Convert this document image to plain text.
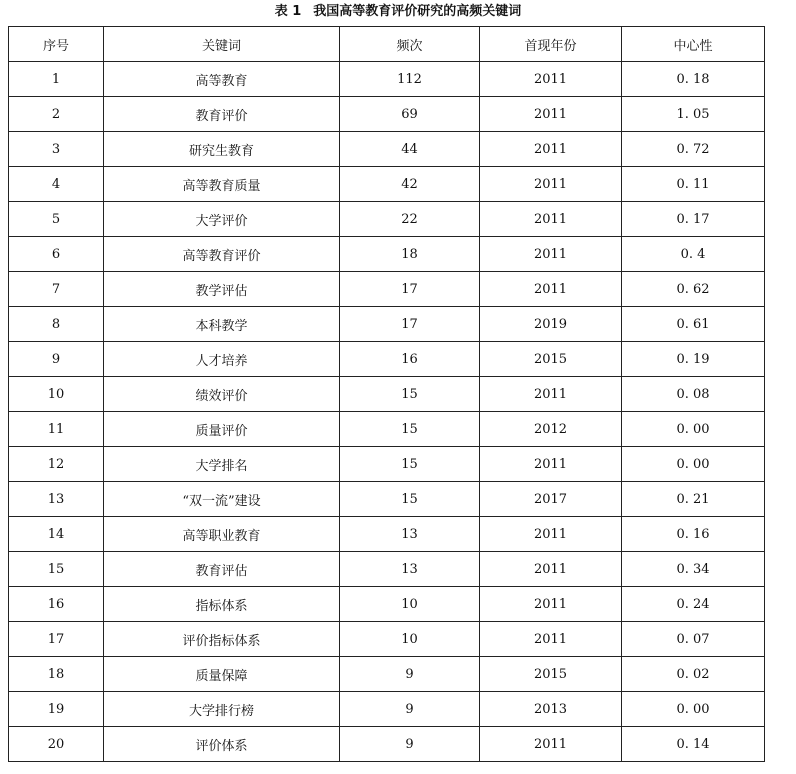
表 1 我国高等教育评价研究的高频关键词
序号	关键词	频次	首现年份	中心性
1	高等教育	112	2011	0. 18
2	教育评价	69	2011	1. 05
3	研究生教育	44	2011	0. 72
4	高等教育质量	42	2011	0. 11
5	大学评价	22	2011	0. 17
6	高等教育评价	18	2011	0. 4
7	教学评估	17	2011	0. 62
8	本科教学	17	2019	0. 61
9	人才培养	16	2015	0. 19
10	绩效评价	15	2011	0. 08
11	质量评价	15	2012	0. 00
12	大学排名	15	2011	0. 00
13	“双一流”建设	15	2017	0. 21
14	高等职业教育	13	2011	0. 16
15	教育评估	13	2011	0. 34
16	指标体系	10	2011	0. 24
17	评价指标体系	10	2011	0. 07
18	质量保障	9	2015	0. 02
19	大学排行榜	9	2013	0. 00
20	评价体系	9	2011	0. 14
